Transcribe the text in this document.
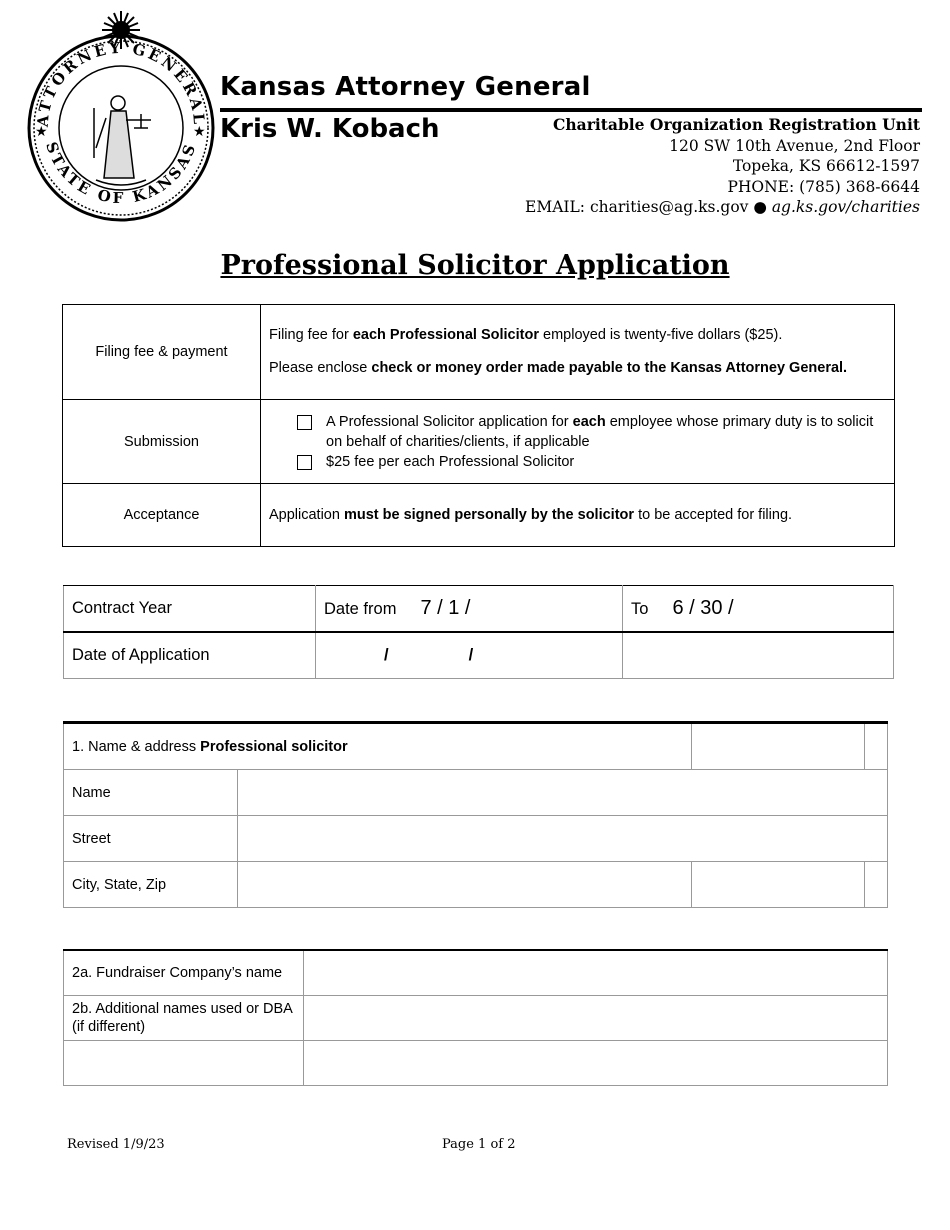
ATTORNEY GENERAL
STATE OF KANSAS
★	★
Kansas Attorney General
Kris W. Kobach	Charitable Organization Registration Unit
120 SW 10th Avenue, 2nd Floor
Topeka, KS 66612-1597
PHONE: (785) 368-6644
EMAIL: charities@ag.ks.gov ● ag.ks.gov/charities
Professional Solicitor Application
Filing fee & payment	Filing fee for each Professional Solicitor employed is twenty-five dollars ($25).
Please enclose check or money order made payable to the Kansas Attorney General.

Submission	A Professional Solicitor application for each employee whose primary duty is to solicit on behalf of charities/clients, if applicable
$25 fee per each Professional Solicitor

Acceptance	Application must be signed personally by the solicitor to be accepted for filing.
Contract Year	Date from 7 / 1 /	To 6 / 30 /
Date of Application	/ /	
1. Name & address Professional solicitor			
Name			
Street			
City, State, Zip			
2a. Fundraiser Company’s name	
2b. Additional names used or DBA (if different)	

Revised 1/9/23	Page 1 of 2
